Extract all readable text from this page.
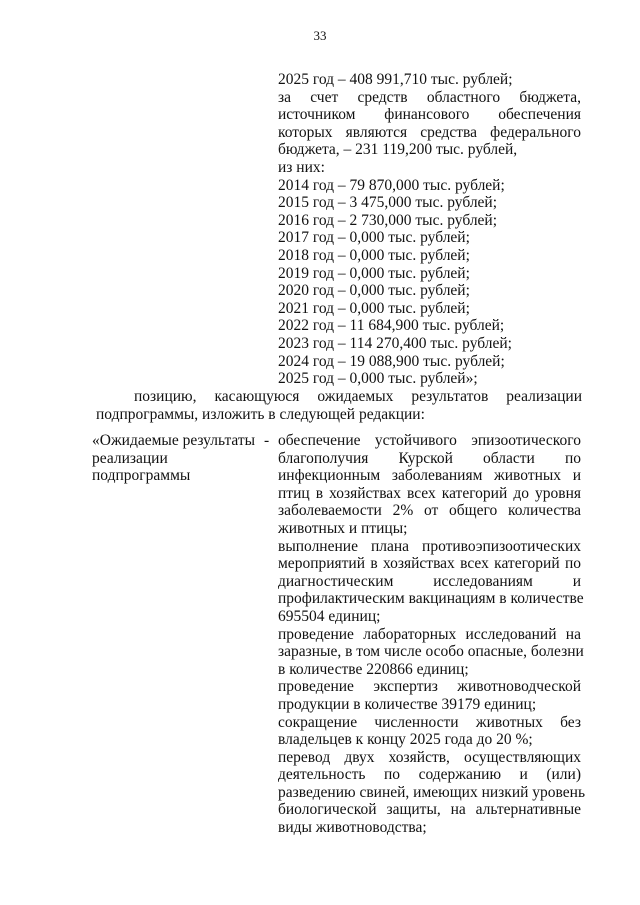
33
2025 год – 408 991,710 тыс. рублей;
за счет средств областного бюджета,
источником финансового обеспечения
которых являются средства федерального
бюджета, – 231 119,200 тыс. рублей,
из них:
2014 год – 79 870,000 тыс. рублей;
2015 год – 3 475,000 тыс. рублей;
2016 год – 2 730,000 тыс. рублей;
2017 год – 0,000 тыс. рублей;
2018 год – 0,000 тыс. рублей;
2019 год – 0,000 тыс. рублей;
2020 год – 0,000 тыс. рублей;
2021 год – 0,000 тыс. рублей;
2022 год – 11 684,900 тыс. рублей;
2023 год – 114 270,400 тыс. рублей;
2024 год – 19 088,900 тыс. рублей;
2025 год – 0,000 тыс. рублей»;
позицию, касающуюся ожидаемых результатов реализации
подпрограммы, изложить в следующей редакции:
«Ожидаемые результаты
реализации
подпрограммы
- обеспечение устойчивого эпизоотического
благополучия Курской области по
инфекционным заболеваниям животных и
птиц в хозяйствах всех категорий до уровня
заболеваемости 2% от общего количества
животных и птицы;
выполнение плана противоэпизоотических
мероприятий в хозяйствах всех категорий по
диагностическим исследованиям и
профилактическим вакцинациям в количестве
695504 единиц;
проведение лабораторных исследований на
заразные, в том числе особо опасные, болезни
в количестве 220866 единиц;
проведение экспертиз животноводческой
продукции в количестве 39179 единиц;
сокращение численности животных без
владельцев к концу 2025 года до 20 %;
перевод двух хозяйств, осуществляющих
деятельность по содержанию и (или)
разведению свиней, имеющих низкий уровень
биологической защиты, на альтернативные
виды животноводства;
